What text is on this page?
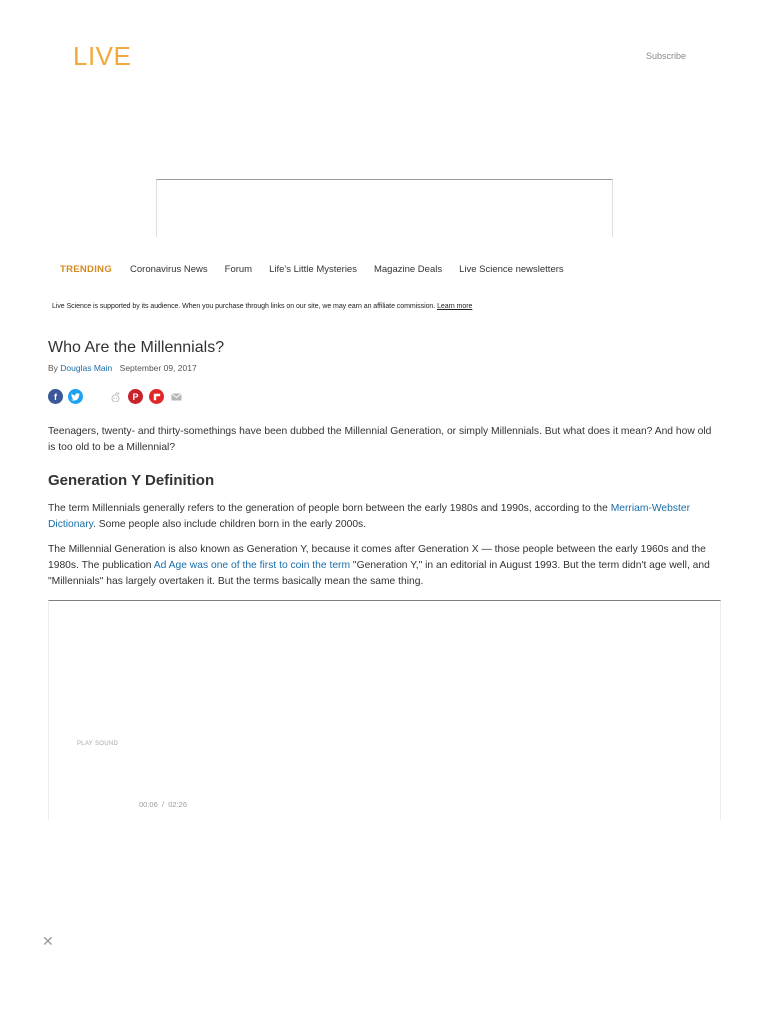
LIVE	Subscribe
TRENDING Coronavirus News Forum Life's Little Mysteries Magazine Deals Live Science newsletters
Live Science is supported by its audience. When you purchase through links on our site, we may earn an affiliate commission. Learn more
Who Are the Millennials?
By Douglas Main September 09, 2017
f	P

Teenagers, twenty- and thirty-somethings have been dubbed the Millennial Generation, or simply Millennials. But what does it mean? And how old is too old to be a Millennial?

Generation Y Definition

The term Millennials generally refers to the generation of people born between the early 1980s and 1990s, according to the Merriam-Webster Dictionary. Some people also include children born in the early 2000s.

The Millennial Generation is also known as Generation Y, because it comes after Generation X — those people between the early 1960s and the 1980s. The publication Ad Age was one of the first to coin the term "Generation Y," in an editorial in August 1993. But the term didn't age well, and "Millennials" has largely overtaken it. But the terms basically mean the same thing.

PLAY SOUND
00:06 / 02:26
✕
